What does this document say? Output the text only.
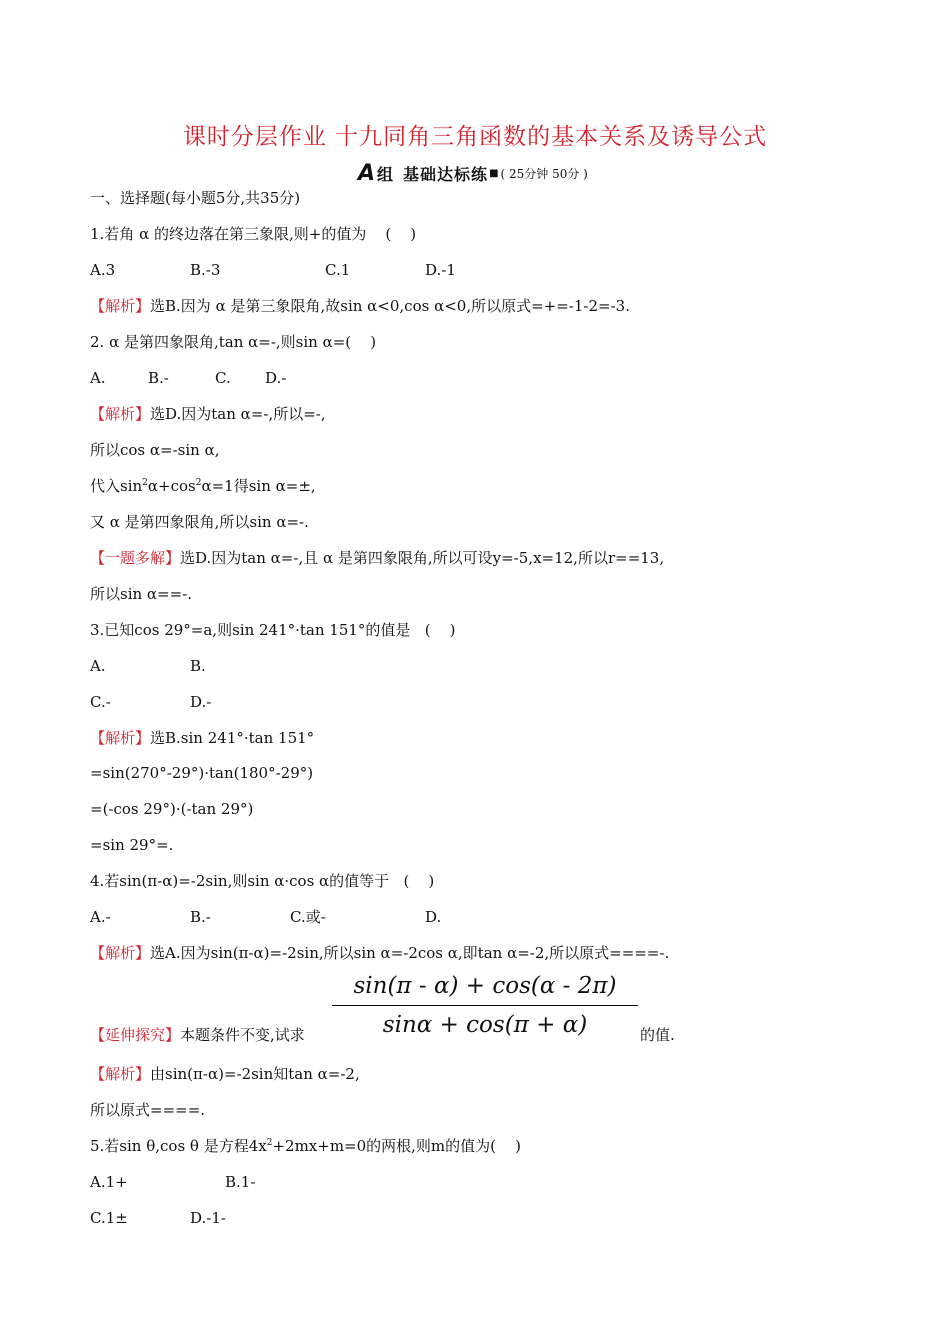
课时分层作业 十九同角三角函数的基本关系及诱导公式
A 组 基础达标练 ■ ( 25分钟 50分 )
一、选择题(每小题5分,共35分)
1.若角 α 的终边落在第三象限,则+的值为    (    )
A.3	B.-3	C.1	D.-1
【解析】选B.因为 α 是第三象限角,故sin α<0,cos α<0,所以原式=+=-1-2=-3.
2. α 是第四象限角,tan α=-,则sin α=(    )
A.	B.-	C. D.-
【解析】选D.因为tan α=-,所以=-,
所以cos α=-sin α,
代入$\sin^2\alpha+\cos^2\alpha=1$得sin α=±,
又 α 是第四象限角,所以sin α=-.
【一题多解】选D.因为tan α=-,且 α 是第四象限角,所以可设y=-5,x=12,所以r==13,
所以sin α==-.
3.已知cos 29°=a,则sin 241°·tan 151°的值是   (    )
A.	B.
C.-	D.-
【解析】选B.sin 241°·tan 151°
=sin(270°-29°)·tan(180°-29°)
=(-cos 29°)·(-tan 29°)
=sin 29°=.
4.若sin(π-α)=-2sin,则sin α·cos α的值等于   (    )
A.-	B.-	C.或-	D.
【解析】选A.因为sin(π-α)=-2sin,所以sin α=-2cos α,即tan α=-2,所以原式====-.
$\frac{\sin(\pi - \alpha) + \cos(\alpha - 2\pi)}{\sin\alpha + \cos(\pi + \alpha)}$
【延伸探究】本题条件不变,试求	的值.
【解析】由sin(π-α)=-2sin知tan α=-2,
所以原式====.
5.若sin θ,cos θ 是方程$4x^2+2mx+m=0$的两根,则m的值为(    )
A.1+	B.1-
C.1±	D.-1-
